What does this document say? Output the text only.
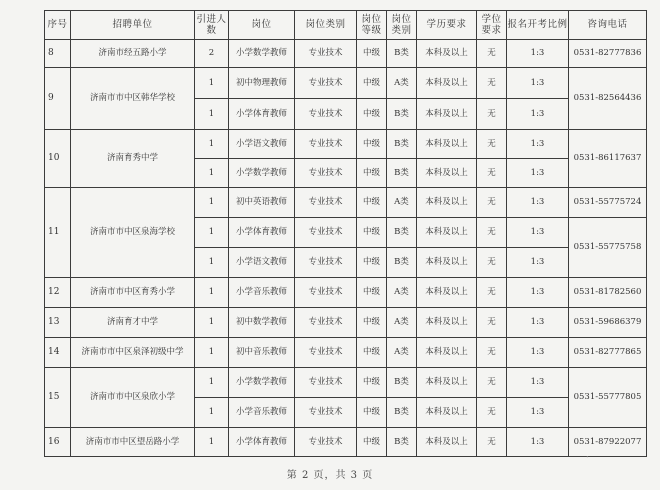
序号	招聘单位	引进人数	岗位	岗位类别	岗位等级	岗位类别	学历要求	学位要求	报名开考比例	咨询电话
8	济南市经五路小学	2	小学数学教师	专业技术	中级	B类	本科及以上	无	1:3	0531-82777836
9	济南市市中区韩华学校	1	初中物理教师	专业技术	中级	A类	本科及以上	无	1:3	0531-82564436
		1	小学体育教师	专业技术	中级	B类	本科及以上	无	1:3	
10	济南育秀中学	1	小学语文教师	专业技术	中级	B类	本科及以上	无	1:3	0531-86117637
		1	小学数学教师	专业技术	中级	B类	本科及以上	无	1:3	
11	济南市市中区泉海学校	1	初中英语教师	专业技术	中级	A类	本科及以上	无	1:3	0531-55775724
		1	小学体育教师	专业技术	中级	B类	本科及以上	无	1:3	0531-55775758
		1	小学语文教师	专业技术	中级	B类	本科及以上	无	1:3	
12	济南市市中区育秀小学	1	小学音乐教师	专业技术	中级	A类	本科及以上	无	1:3	0531-81782560
13	济南育才中学	1	初中数学教师	专业技术	中级	A类	本科及以上	无	1:3	0531-59686379
14	济南市市中区泉泽初级中学	1	初中音乐教师	专业技术	中级	A类	本科及以上	无	1:3	0531-82777865
15	济南市市中区泉欣小学	1	小学数学教师	专业技术	中级	B类	本科及以上	无	1:3	0531-55777805
		1	小学音乐教师	专业技术	中级	B类	本科及以上	无	1:3	
16	济南市市中区望岳路小学	1	小学体育教师	专业技术	中级	B类	本科及以上	无	1:3	0531-87922077
第 2 页，共 3 页
·
